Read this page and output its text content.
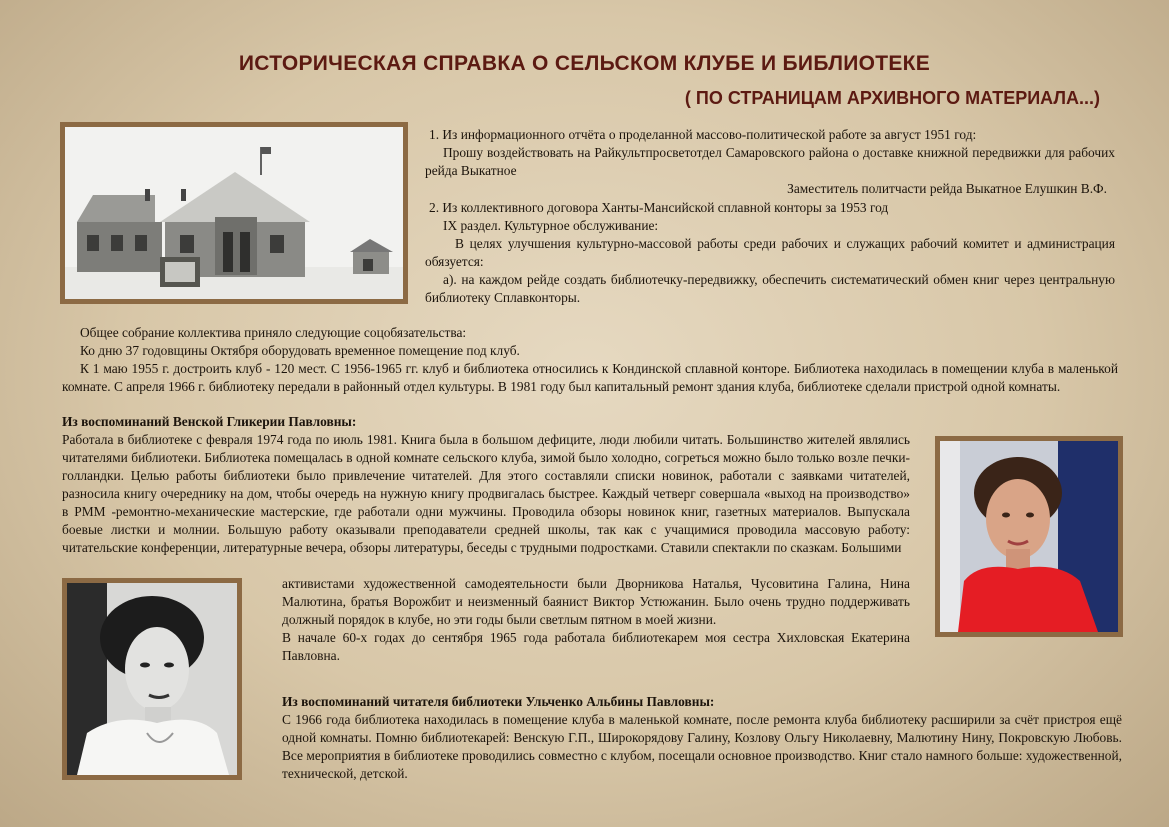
ИСТОРИЧЕСКАЯ СПРАВКА О СЕЛЬСКОМ КЛУБЕ И БИБЛИОТЕКЕ
( ПО СТРАНИЦАМ АРХИВНОГО МАТЕРИАЛА...)

1. Из информационного отчёта о проделанной массово-политической работе за август 1951 год:

Прошу воздействовать на Райкультпросветотдел Самаровского района о доставке книжной передвижки для рабочих рейда Выкатное

Заместитель политчасти рейда Выкатное Елушкин В.Ф.

2. Из коллективного договора Ханты-Мансийской сплавной конторы за 1953 год

IX раздел. Культурное обслуживание:

В целях улучшения культурно-массовой работы среди рабочих и служащих рабочий комитет и администрация обязуется:

а). на каждом рейде создать библиотечку-передвижку, обеспечить систематический обмен книг через центральную библиотеку Сплавконторы.

Общее собрание коллектива приняло следующие соцобязательства:

Ко дню 37 годовщины Октября оборудовать временное помещение под клуб.

К 1 маю 1955 г. достроить клуб - 120 мест. С 1956-1965 гг. клуб и библиотека относились к Кондинской сплавной конторе. Библиотека находилась в помещении клуба в маленькой комнате. С апреля 1966 г. библиотеку передали в районный отдел культуры. В 1981 году был капитальный ремонт здания клуба, библиотеке сделали пристрой одной комнаты.

Из воспоминаний Венской Гликерии Павловны:
Работала в библиотеке с февраля 1974 года по июль 1981. Книга была в большом дефиците, люди любили читать. Большинство жителей являлись читателями библиотеки. Библиотека помещалась в одной комнате сельского клуба, зимой было холодно, согреться можно было только возле печки-голландки. Целью работы библиотеки было привлечение читателей. Для этого составляли списки новинок, работали с заявками читателей, разносила книгу очереднику на дом, чтобы очередь на нужную книгу продвигалась быстрее. Каждый четверг совершала «выход на производство» в РММ -ремонтно-механические мастерские, где работали одни мужчины. Проводила обзоры новинок книг, газетных материалов. Выпускала боевые листки и молнии. Большую работу оказывали преподаватели средней школы, так как с учащимися проводила массовую работу: читательские конференции, литературные вечера, обзоры литературы, беседы с трудными подростками. Ставили спектакли по сказкам. Большими

активистами художественной самодеятельности были Дворникова Наталья, Чусовитина Галина, Нина Малютина, братья Ворожбит и неизменный баянист Виктор Устюжанин. Было очень трудно поддерживать должный порядок в клубе, но эти годы были светлым пятном в моей жизни.

В начале 60-х годах до сентября 1965 года работала библиотекарем моя сестра Хихловская Екатерина Павловна.

Из воспоминаний читателя библиотеки Ульченко Альбины Павловны:
С 1966 года библиотека находилась в помещение клуба в маленькой комнате, после ремонта клуба библиотеку расширили за счёт пристроя ещё одной комнаты. Помню библиотекарей: Венскую Г.П., Широкорядову Галину, Козлову Ольгу Николаевну, Малютину Нину, Покровскую Любовь. Все мероприятия в библиотеке проводились совместно с клубом, посещали основное производство. Книг стало намного больше: художественной, технической, детской.
